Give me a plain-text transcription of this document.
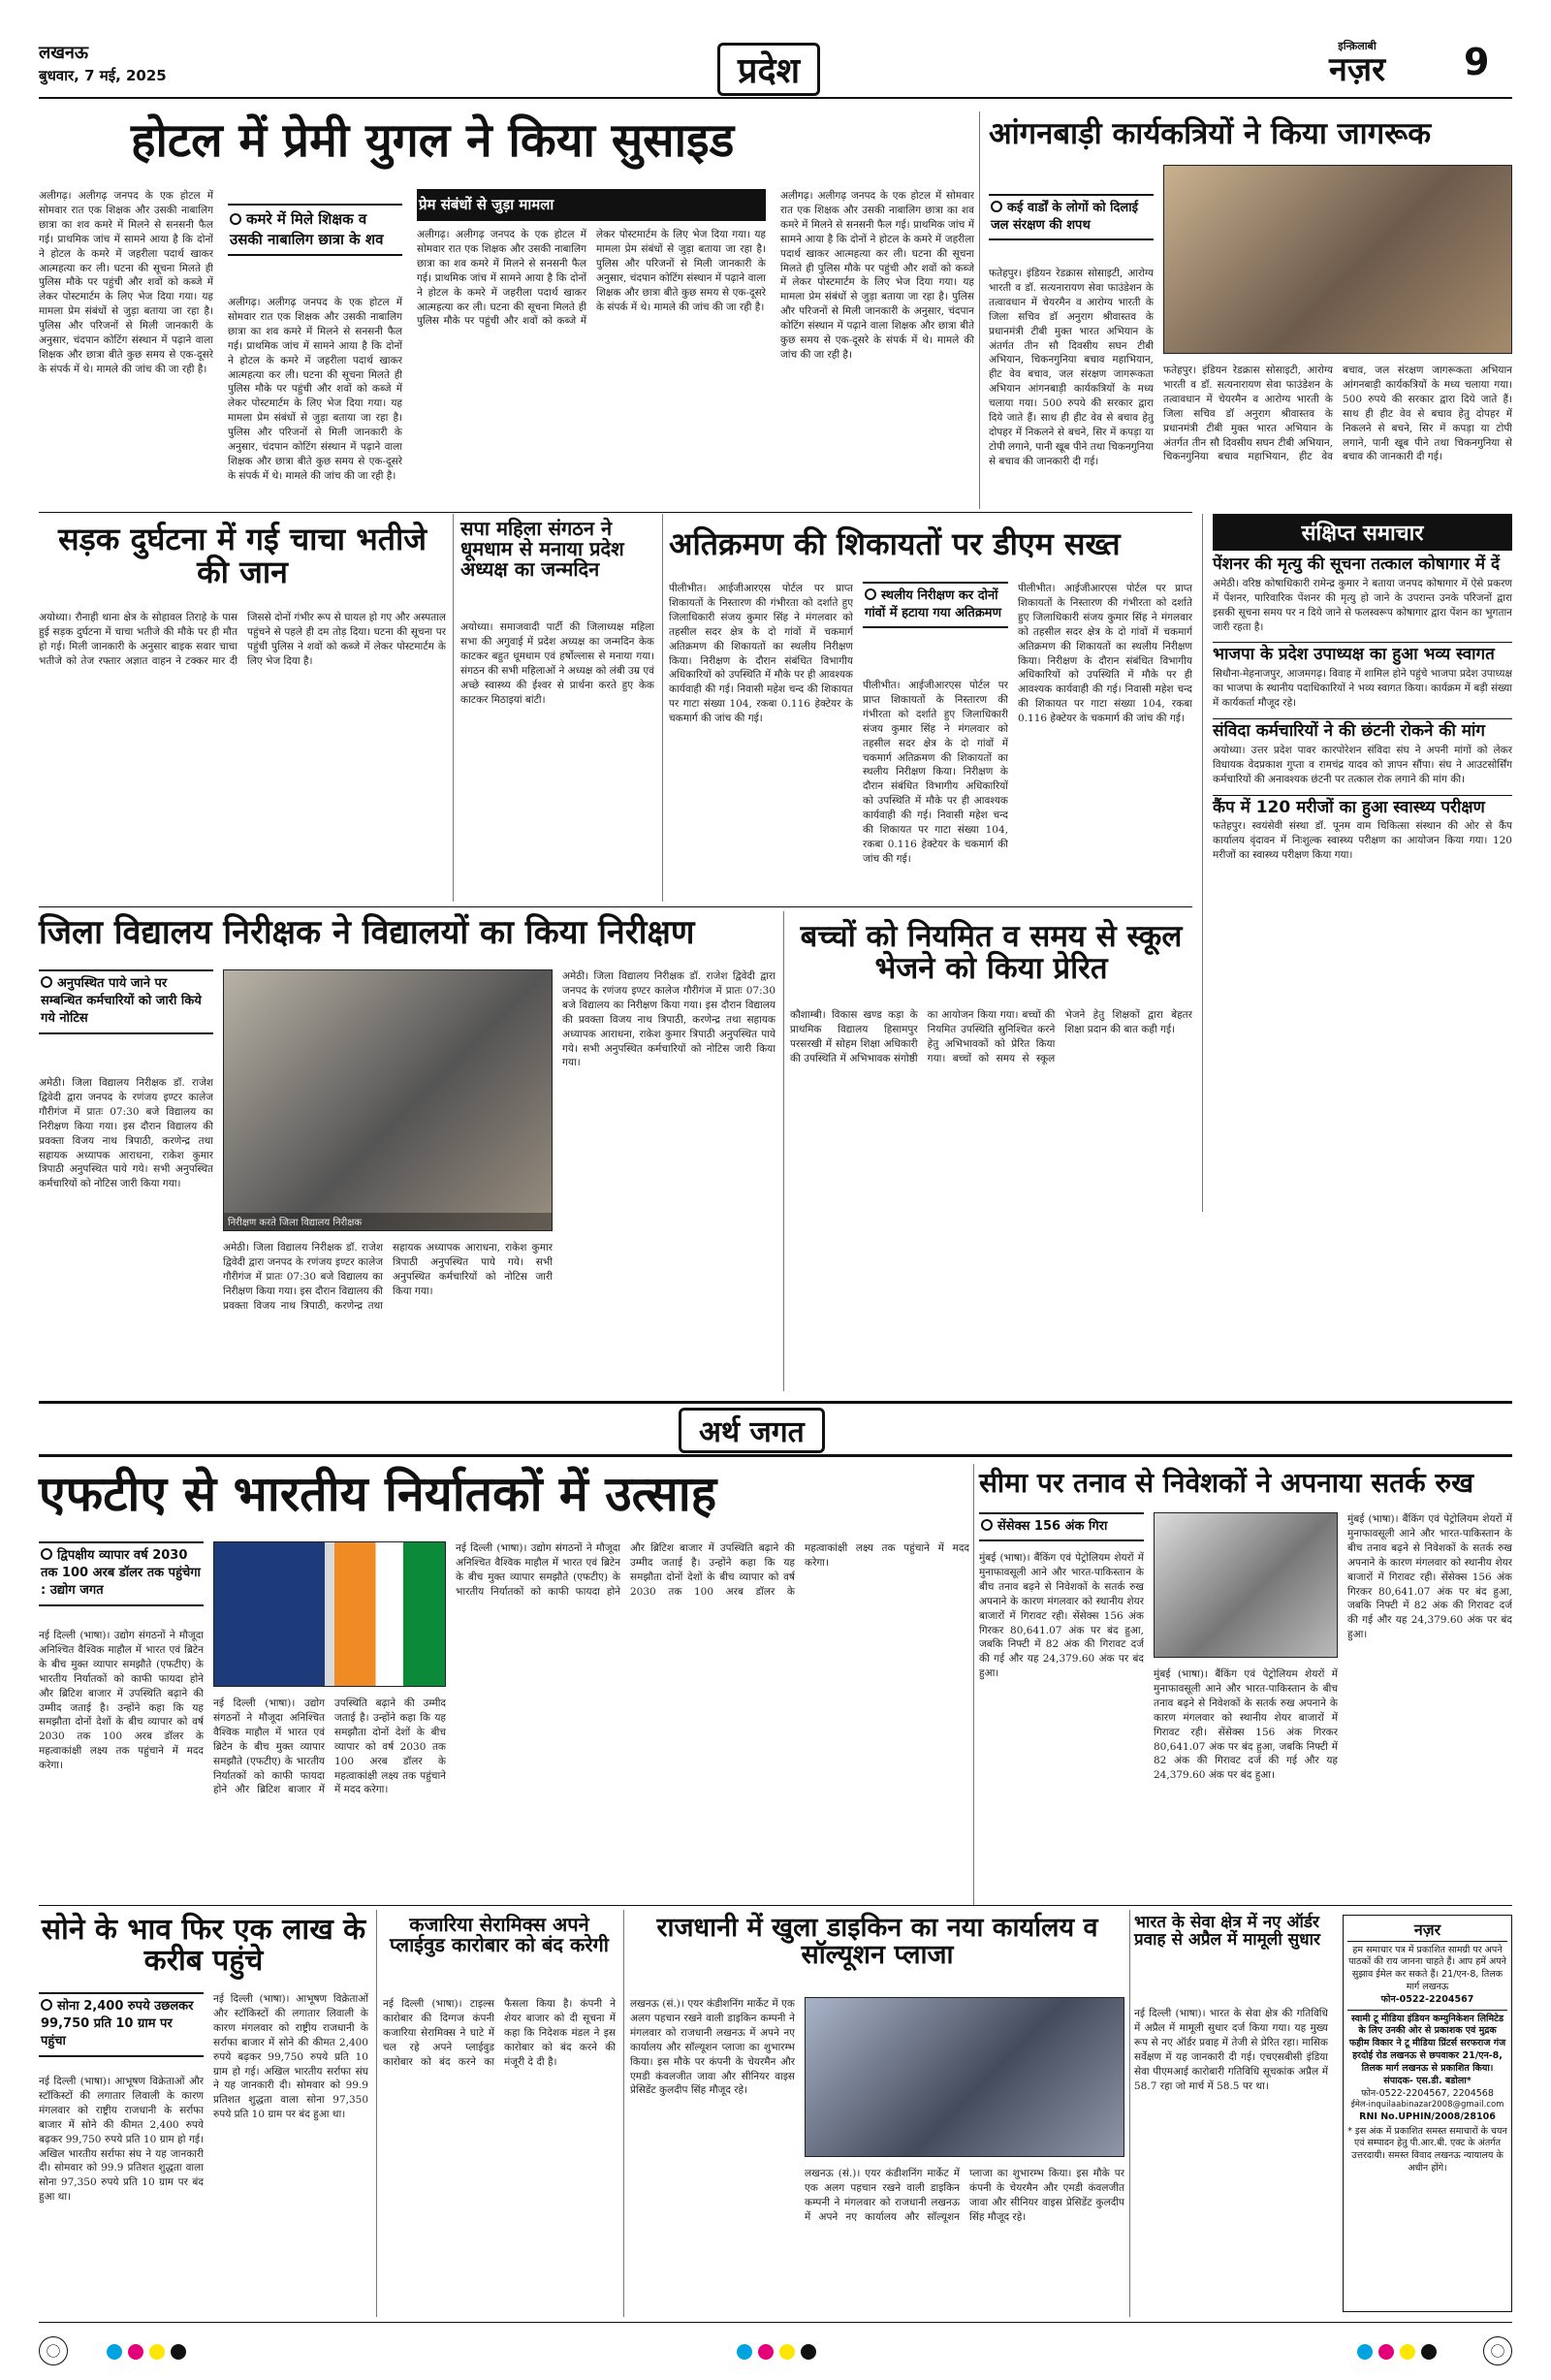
लखनऊ
बुधवार, 7 मई, 2025	प्रदेश
इन्क़िलाबी
नज़र	9
होटल में प्रेमी युगल ने किया सुसाइड
अलीगढ़। अलीगढ़ जनपद के एक होटल में सोमवार रात एक शिक्षक और उसकी नाबालिग छात्रा का शव कमरे में मिलने से सनसनी फैल गई। प्राथमिक जांच में सामने आया है कि दोनों ने होटल के कमरे में जहरीला पदार्थ खाकर आत्महत्या कर ली। घटना की सूचना मिलते ही पुलिस मौके पर पहुंची और शवों को कब्जे में लेकर पोस्टमार्टम के लिए भेज दिया गया। यह मामला प्रेम संबंधों से जुड़ा बताया जा रहा है। पुलिस और परिजनों से मिली जानकारी के अनुसार, चंदपान कोटिंग संस्थान में पढ़ाने वाला शिक्षक और छात्रा बीते कुछ समय से एक-दूसरे के संपर्क में थे। मामले की जांच की जा रही है।
कमरे में मिले शिक्षक व उसकी नाबालिग छात्रा के शव
अलीगढ़। अलीगढ़ जनपद के एक होटल में सोमवार रात एक शिक्षक और उसकी नाबालिग छात्रा का शव कमरे में मिलने से सनसनी फैल गई। प्राथमिक जांच में सामने आया है कि दोनों ने होटल के कमरे में जहरीला पदार्थ खाकर आत्महत्या कर ली। घटना की सूचना मिलते ही पुलिस मौके पर पहुंची और शवों को कब्जे में लेकर पोस्टमार्टम के लिए भेज दिया गया। यह मामला प्रेम संबंधों से जुड़ा बताया जा रहा है। पुलिस और परिजनों से मिली जानकारी के अनुसार, चंदपान कोटिंग संस्थान में पढ़ाने वाला शिक्षक और छात्रा बीते कुछ समय से एक-दूसरे के संपर्क में थे। मामले की जांच की जा रही है।
प्रेम संबंधों से जुड़ा मामला
अलीगढ़। अलीगढ़ जनपद के एक होटल में सोमवार रात एक शिक्षक और उसकी नाबालिग छात्रा का शव कमरे में मिलने से सनसनी फैल गई। प्राथमिक जांच में सामने आया है कि दोनों ने होटल के कमरे में जहरीला पदार्थ खाकर आत्महत्या कर ली। घटना की सूचना मिलते ही पुलिस मौके पर पहुंची और शवों को कब्जे में लेकर पोस्टमार्टम के लिए भेज दिया गया। यह मामला प्रेम संबंधों से जुड़ा बताया जा रहा है। पुलिस और परिजनों से मिली जानकारी के अनुसार, चंदपान कोटिंग संस्थान में पढ़ाने वाला शिक्षक और छात्रा बीते कुछ समय से एक-दूसरे के संपर्क में थे। मामले की जांच की जा रही है।
अलीगढ़। अलीगढ़ जनपद के एक होटल में सोमवार रात एक शिक्षक और उसकी नाबालिग छात्रा का शव कमरे में मिलने से सनसनी फैल गई। प्राथमिक जांच में सामने आया है कि दोनों ने होटल के कमरे में जहरीला पदार्थ खाकर आत्महत्या कर ली। घटना की सूचना मिलते ही पुलिस मौके पर पहुंची और शवों को कब्जे में लेकर पोस्टमार्टम के लिए भेज दिया गया। यह मामला प्रेम संबंधों से जुड़ा बताया जा रहा है। पुलिस और परिजनों से मिली जानकारी के अनुसार, चंदपान कोटिंग संस्थान में पढ़ाने वाला शिक्षक और छात्रा बीते कुछ समय से एक-दूसरे के संपर्क में थे। मामले की जांच की जा रही है।
आंगनबाड़ी कार्यकत्रियों ने किया जागरूक
कई वार्डों के लोगों को दिलाई जल संरक्षण की शपथ
फतेहपुर। इंडियन रेडक्रास सोसाइटी, आरोग्य भारती व डॉ. सत्यनारायण सेवा फाउंडेशन के तत्वावधान में चेयरमैन व आरोग्य भारती के जिला सचिव डॉ अनुराग श्रीवास्तव के प्रधानमंत्री टीबी मुक्त भारत अभियान के अंतर्गत तीन सौ दिवसीय सघन टीबी अभियान, चिकनगुनिया बचाव महाभियान, हीट वेव बचाव, जल संरक्षण जागरूकता अभियान आंगनबाड़ी कार्यकत्रियों के मध्य चलाया गया। 500 रुपये की सरकार द्वारा दिये जाते हैं। साथ ही हीट वेव से बचाव हेतु दोपहर में निकलने से बचने, सिर में कपड़ा या टोपी लगाने, पानी खूब पीने तथा चिकनगुनिया से बचाव की जानकारी दी गई।
फतेहपुर। इंडियन रेडक्रास सोसाइटी, आरोग्य भारती व डॉ. सत्यनारायण सेवा फाउंडेशन के तत्वावधान में चेयरमैन व आरोग्य भारती के जिला सचिव डॉ अनुराग श्रीवास्तव के प्रधानमंत्री टीबी मुक्त भारत अभियान के अंतर्गत तीन सौ दिवसीय सघन टीबी अभियान, चिकनगुनिया बचाव महाभियान, हीट वेव बचाव, जल संरक्षण जागरूकता अभियान आंगनबाड़ी कार्यकत्रियों के मध्य चलाया गया। 500 रुपये की सरकार द्वारा दिये जाते हैं। साथ ही हीट वेव से बचाव हेतु दोपहर में निकलने से बचने, सिर में कपड़ा या टोपी लगाने, पानी खूब पीने तथा चिकनगुनिया से बचाव की जानकारी दी गई।
सड़क दुर्घटना में गई चाचा भतीजे की जान
अयोध्या। रौनाही थाना क्षेत्र के सोहावल तिराहे के पास हुई सड़क दुर्घटना में चाचा भतीजे की मौके पर ही मौत हो गई। मिली जानकारी के अनुसार बाइक सवार चाचा भतीजे को तेज रफ्तार अज्ञात वाहन ने टक्कर मार दी जिससे दोनों गंभीर रूप से घायल हो गए और अस्पताल पहुंचने से पहले ही दम तोड़ दिया। घटना की सूचना पर पहुंची पुलिस ने शवों को कब्जे में लेकर पोस्टमार्टम के लिए भेज दिया है।
सपा महिला संगठन ने धूमधाम से मनाया प्रदेश अध्यक्ष का जन्मदिन
अयोध्या। समाजवादी पार्टी की जिलाध्यक्ष महिला सभा की अगुवाई में प्रदेश अध्यक्ष का जन्मदिन केक काटकर बहुत धूमधाम एवं हर्षोल्लास से मनाया गया। संगठन की सभी महिलाओं ने अध्यक्ष को लंबी उम्र एवं अच्छे स्वास्थ्य की ईश्वर से प्रार्थना करते हुए केक काटकर मिठाइयां बांटी।
अतिक्रमण की शिकायतों पर डीएम सख्त
पीलीभीत। आईजीआरएस पोर्टल पर प्राप्त शिकायतों के निस्तारण की गंभीरता को दर्शाते हुए जिलाधिकारी संजय कुमार सिंह ने मंगलवार को तहसील सदर क्षेत्र के दो गांवों में चकमार्ग अतिक्रमण की शिकायतों का स्थलीय निरीक्षण किया। निरीक्षण के दौरान संबंधित विभागीय अधिकारियों को उपस्थिति में मौके पर ही आवश्यक कार्यवाही की गई। निवासी महेश चन्द की शिकायत पर गाटा संख्या 104, रकबा 0.116 हेक्टेयर के चकमार्ग की जांच की गई।
स्थलीय निरीक्षण कर दोनों गांवों में हटाया गया अतिक्रमण
पीलीभीत। आईजीआरएस पोर्टल पर प्राप्त शिकायतों के निस्तारण की गंभीरता को दर्शाते हुए जिलाधिकारी संजय कुमार सिंह ने मंगलवार को तहसील सदर क्षेत्र के दो गांवों में चकमार्ग अतिक्रमण की शिकायतों का स्थलीय निरीक्षण किया। निरीक्षण के दौरान संबंधित विभागीय अधिकारियों को उपस्थिति में मौके पर ही आवश्यक कार्यवाही की गई। निवासी महेश चन्द की शिकायत पर गाटा संख्या 104, रकबा 0.116 हेक्टेयर के चकमार्ग की जांच की गई।
पीलीभीत। आईजीआरएस पोर्टल पर प्राप्त शिकायतों के निस्तारण की गंभीरता को दर्शाते हुए जिलाधिकारी संजय कुमार सिंह ने मंगलवार को तहसील सदर क्षेत्र के दो गांवों में चकमार्ग अतिक्रमण की शिकायतों का स्थलीय निरीक्षण किया। निरीक्षण के दौरान संबंधित विभागीय अधिकारियों को उपस्थिति में मौके पर ही आवश्यक कार्यवाही की गई। निवासी महेश चन्द की शिकायत पर गाटा संख्या 104, रकबा 0.116 हेक्टेयर के चकमार्ग की जांच की गई।
संक्षिप्त समाचार
पेंशनर की मृत्यु की सूचना तत्काल कोषागार में दें
अमेठी। वरिष्ठ कोषाधिकारी रामेन्द्र कुमार ने बताया जनपद कोषागार में ऐसे प्रकरण में पेंशनर, पारिवारिक पेंशनर की मृत्यु हो जाने के उपरान्त उनके परिजनों द्वारा इसकी सूचना समय पर न दिये जाने से फलस्वरूप कोषागार द्वारा पेंशन का भुगतान जारी रहता है।
भाजपा के प्रदेश उपाध्यक्ष का हुआ भव्य स्वागत
सिधौना-मेहनाजपुर, आजमगढ़। विवाह में शामिल होने पहुंचे भाजपा प्रदेश उपाध्यक्ष का भाजपा के स्थानीय पदाधिकारियों ने भव्य स्वागत किया। कार्यक्रम में बड़ी संख्या में कार्यकर्ता मौजूद रहे।
संविदा कर्मचारियों ने की छंटनी रोकने की मांग
अयोध्या। उत्तर प्रदेश पावर कारपोरेशन संविदा संघ ने अपनी मांगों को लेकर विधायक वेदप्रकाश गुप्ता व रामचंद्र यादव को ज्ञापन सौंपा। संघ ने आउटसोर्सिंग कर्मचारियों की अनावश्यक छंटनी पर तत्काल रोक लगाने की मांग की।
कैंप में 120 मरीजों का हुआ स्वास्थ्य परीक्षण
फतेहपुर। स्वयंसेवी संस्था डॉ. पूनम वाम चिकित्सा संस्थान की ओर से कैंप कार्यालय वृंदावन में निःशुल्क स्वास्थ्य परीक्षण का आयोजन किया गया। 120 मरीजों का स्वास्थ्य परीक्षण किया गया।
जिला विद्यालय निरीक्षक ने विद्यालयों का किया निरीक्षण
अनुपस्थित पाये जाने पर सम्बन्धित कर्मचारियों को जारी किये गये नोटिस
अमेठी। जिला विद्यालय निरीक्षक डॉ. राजेश द्विवेदी द्वारा जनपद के रणंजय इण्टर कालेज गौरीगंज में प्रातः 07:30 बजे विद्यालय का निरीक्षण किया गया। इस दौरान विद्यालय की प्रवक्ता विजय नाथ त्रिपाठी, करणेन्द्र तथा सहायक अध्यापक आराधना, राकेश कुमार त्रिपाठी अनुपस्थित पाये गये। सभी अनुपस्थित कर्मचारियों को नोटिस जारी किया गया।
निरीक्षण करते जिला विद्यालय निरीक्षक
अमेठी। जिला विद्यालय निरीक्षक डॉ. राजेश द्विवेदी द्वारा जनपद के रणंजय इण्टर कालेज गौरीगंज में प्रातः 07:30 बजे विद्यालय का निरीक्षण किया गया। इस दौरान विद्यालय की प्रवक्ता विजय नाथ त्रिपाठी, करणेन्द्र तथा सहायक अध्यापक आराधना, राकेश कुमार त्रिपाठी अनुपस्थित पाये गये। सभी अनुपस्थित कर्मचारियों को नोटिस जारी किया गया।
अमेठी। जिला विद्यालय निरीक्षक डॉ. राजेश द्विवेदी द्वारा जनपद के रणंजय इण्टर कालेज गौरीगंज में प्रातः 07:30 बजे विद्यालय का निरीक्षण किया गया। इस दौरान विद्यालय की प्रवक्ता विजय नाथ त्रिपाठी, करणेन्द्र तथा सहायक अध्यापक आराधना, राकेश कुमार त्रिपाठी अनुपस्थित पाये गये। सभी अनुपस्थित कर्मचारियों को नोटिस जारी किया गया।
बच्चों को नियमित व समय से स्कूल भेजने को किया प्रेरित
कौशाम्बी। विकास खण्ड कड़ा के प्राथमिक विद्यालय हिसामपुर परसरखी में सोहम शिक्षा अधिकारी की उपस्थिति में अभिभावक संगोष्ठी का आयोजन किया गया। बच्चों की नियमित उपस्थिति सुनिश्चित करने हेतु अभिभावकों को प्रेरित किया गया। बच्चों को समय से स्कूल भेजने हेतु शिक्षकों द्वारा बेहतर शिक्षा प्रदान की बात कही गई।
अर्थ जगत
एफटीए से भारतीय निर्यातकों में उत्साह
द्विपक्षीय व्यापार वर्ष 2030 तक 100 अरब डॉलर तक पहुंचेगा : उद्योग जगत
नई दिल्ली (भाषा)। उद्योग संगठनों ने मौजूदा अनिश्चित वैश्विक माहौल में भारत एवं ब्रिटेन के बीच मुक्त व्यापार समझौते (एफटीए) के भारतीय निर्यातकों को काफी फायदा होने और ब्रिटिश बाजार में उपस्थिति बढ़ाने की उम्मीद जताई है। उन्होंने कहा कि यह समझौता दोनों देशों के बीच व्यापार को वर्ष 2030 तक 100 अरब डॉलर के महत्वाकांक्षी लक्ष्य तक पहुंचाने में मदद करेगा।
नई दिल्ली (भाषा)। उद्योग संगठनों ने मौजूदा अनिश्चित वैश्विक माहौल में भारत एवं ब्रिटेन के बीच मुक्त व्यापार समझौते (एफटीए) के भारतीय निर्यातकों को काफी फायदा होने और ब्रिटिश बाजार में उपस्थिति बढ़ाने की उम्मीद जताई है। उन्होंने कहा कि यह समझौता दोनों देशों के बीच व्यापार को वर्ष 2030 तक 100 अरब डॉलर के महत्वाकांक्षी लक्ष्य तक पहुंचाने में मदद करेगा।
नई दिल्ली (भाषा)। उद्योग संगठनों ने मौजूदा अनिश्चित वैश्विक माहौल में भारत एवं ब्रिटेन के बीच मुक्त व्यापार समझौते (एफटीए) के भारतीय निर्यातकों को काफी फायदा होने और ब्रिटिश बाजार में उपस्थिति बढ़ाने की उम्मीद जताई है। उन्होंने कहा कि यह समझौता दोनों देशों के बीच व्यापार को वर्ष 2030 तक 100 अरब डॉलर के महत्वाकांक्षी लक्ष्य तक पहुंचाने में मदद करेगा।
सीमा पर तनाव से निवेशकों ने अपनाया सतर्क रुख
सेंसेक्स 156 अंक गिरा
मुंबई (भाषा)। बैंकिंग एवं पेट्रोलियम शेयरों में मुनाफावसूली आने और भारत-पाकिस्तान के बीच तनाव बढ़ने से निवेशकों के सतर्क रुख अपनाने के कारण मंगलवार को स्थानीय शेयर बाजारों में गिरावट रही। सेंसेक्स 156 अंक गिरकर 80,641.07 अंक पर बंद हुआ, जबकि निफ्टी में 82 अंक की गिरावट दर्ज की गई और यह 24,379.60 अंक पर बंद हुआ।	मुंबई (भाषा)। बैंकिंग एवं पेट्रोलियम शेयरों में मुनाफावसूली आने और भारत-पाकिस्तान के बीच तनाव बढ़ने से निवेशकों के सतर्क रुख अपनाने के कारण मंगलवार को स्थानीय शेयर बाजारों में गिरावट रही। सेंसेक्स 156 अंक गिरकर 80,641.07 अंक पर बंद हुआ, जबकि निफ्टी में 82 अंक की गिरावट दर्ज की गई और यह 24,379.60 अंक पर बंद हुआ।
मुंबई (भाषा)। बैंकिंग एवं पेट्रोलियम शेयरों में मुनाफावसूली आने और भारत-पाकिस्तान के बीच तनाव बढ़ने से निवेशकों के सतर्क रुख अपनाने के कारण मंगलवार को स्थानीय शेयर बाजारों में गिरावट रही। सेंसेक्स 156 अंक गिरकर 80,641.07 अंक पर बंद हुआ, जबकि निफ्टी में 82 अंक की गिरावट दर्ज की गई और यह 24,379.60 अंक पर बंद हुआ।
सोने के भाव फिर एक लाख के करीब पहुंचे
सोना 2,400 रुपये उछलकर 99,750 प्रति 10 ग्राम पर पहुंचा
नई दिल्ली (भाषा)। आभूषण विक्रेताओं और स्टॉकिस्टों की लगातार लिवाली के कारण मंगलवार को राष्ट्रीय राजधानी के सर्राफा बाजार में सोने की कीमत 2,400 रुपये बढ़कर 99,750 रुपये प्रति 10 ग्राम हो गई। अखिल भारतीय सर्राफा संघ ने यह जानकारी दी। सोमवार को 99.9 प्रतिशत शुद्धता वाला सोना 97,350 रुपये प्रति 10 ग्राम पर बंद हुआ था।
नई दिल्ली (भाषा)। आभूषण विक्रेताओं और स्टॉकिस्टों की लगातार लिवाली के कारण मंगलवार को राष्ट्रीय राजधानी के सर्राफा बाजार में सोने की कीमत 2,400 रुपये बढ़कर 99,750 रुपये प्रति 10 ग्राम हो गई। अखिल भारतीय सर्राफा संघ ने यह जानकारी दी। सोमवार को 99.9 प्रतिशत शुद्धता वाला सोना 97,350 रुपये प्रति 10 ग्राम पर बंद हुआ था।
कजारिया सेरामिक्स अपने प्लाईवुड कारोबार को बंद करेगी
नई दिल्ली (भाषा)। टाइल्स कारोबार की दिग्गज कंपनी कजारिया सेरामिक्स ने घाटे में चल रहे अपने प्लाईवुड कारोबार को बंद करने का फैसला किया है। कंपनी ने शेयर बाजार को दी सूचना में कहा कि निदेशक मंडल ने इस कारोबार को बंद करने की मंजूरी दे दी है।
राजधानी में खुला डाइकिन का नया कार्यालय व सॉल्यूशन प्लाजा
लखनऊ (सं.)। एयर कंडीशनिंग मार्केट में एक अलग पहचान रखने वाली डाइकिन कम्पनी ने मंगलवार को राजधानी लखनऊ में अपने नए कार्यालय और सॉल्यूशन प्लाजा का शुभारम्भ किया। इस मौके पर कंपनी के चेयरमैन और एमडी कंवलजीत जावा और सीनियर वाइस प्रेसिडेंट कुलदीप सिंह मौजूद रहे।
लखनऊ (सं.)। एयर कंडीशनिंग मार्केट में एक अलग पहचान रखने वाली डाइकिन कम्पनी ने मंगलवार को राजधानी लखनऊ में अपने नए कार्यालय और सॉल्यूशन प्लाजा का शुभारम्भ किया। इस मौके पर कंपनी के चेयरमैन और एमडी कंवलजीत जावा और सीनियर वाइस प्रेसिडेंट कुलदीप सिंह मौजूद रहे।
भारत के सेवा क्षेत्र में नए ऑर्डर प्रवाह से अप्रैल में मामूली सुधार
नई दिल्ली (भाषा)। भारत के सेवा क्षेत्र की गतिविधि में अप्रैल में मामूली सुधार दर्ज किया गया। यह मुख्य रूप से नए ऑर्डर प्रवाह में तेजी से प्रेरित रहा। मासिक सर्वेक्षण में यह जानकारी दी गई। एचएसबीसी इंडिया सेवा पीएमआई कारोबारी गतिविधि सूचकांक अप्रैल में 58.7 रहा जो मार्च में 58.5 पर था।
नज़र
हम समाचार पत्र में प्रकाशित सामग्री पर अपने पाठकों की राय जानना चाहते हैं। आप हमें अपने सुझाव ईमेल कर सकते हैं। 21/एन-8, तिलक मार्ग लखनऊ
फोन-0522-2204567
स्वामी टू मीडिया इंडियन कम्युनिकेशन लिमिटेड के लिए उनकी ओर से प्रकाशक एवं मुद्रक फहीम विकार ने टू मीडिया प्रिंटर्स सरफराज गंज हरदोई रोड लखनऊ से छपवाकर 21/एन-8, तिलक मार्ग लखनऊ से प्रकाशित किया।
संपादक- एस.डी. बडोला*
फोन-0522-2204567, 2204568
ईमेल-inquilaabinazar2008@gmail.com
RNI No.UPHIN/2008/28106
* इस अंक में प्रकाशित समस्त समाचारों के चयन एवं सम्पादन हेतु पी.आर.बी. एक्ट के अंतर्गत उत्तरदायी। समस्त विवाद लखनऊ न्यायालय के अधीन होंगे।
